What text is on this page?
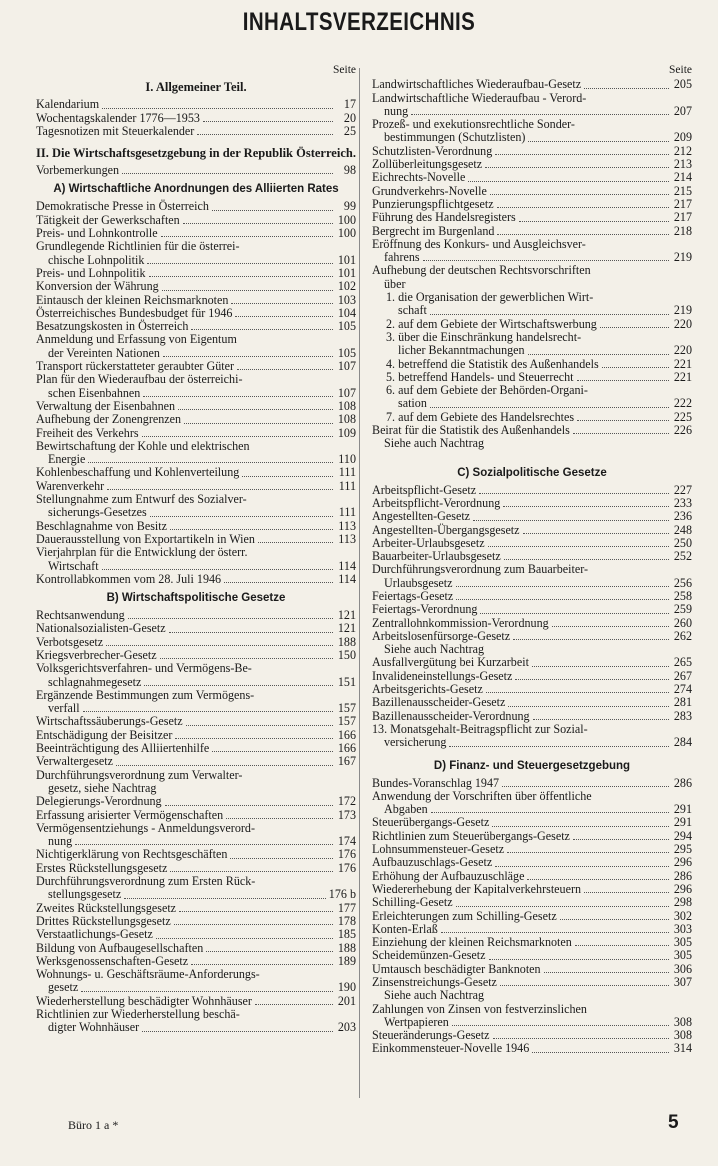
INHALTSVERZEICHNIS
Seite
I. Allgemeiner Teil.
Kalendarium	17
Wochentagskalender 1776—1953	20
Tagesnotizen mit Steuerkalender	25
II. Die Wirtschaftsgesetzgebung in der Republik Österreich.
Vorbemerkungen	98
A) Wirtschaftliche Anordnungen des Alliierten Rates
Demokratische Presse in Österreich	99
Tätigkeit der Gewerkschaften	100
Preis- und Lohnkontrolle	100
Grundlegende Richtlinien für die österrei-
chische Lohnpolitik	101
Preis- und Lohnpolitik	101
Konversion der Währung	102
Eintausch der kleinen Reichsmarknoten	103
Österreichisches Bundesbudget für 1946	104
Besatzungskosten in Österreich	105
Anmeldung und Erfassung von Eigentum
der Vereinten Nationen	105
Transport rückerstatteter geraubter Güter	107
Plan für den Wiederaufbau der österreichi-
schen Eisenbahnen	107
Verwaltung der Eisenbahnen	108
Aufhebung der Zonengrenzen	108
Freiheit des Verkehrs	109
Bewirtschaftung der Kohle und elektrischen
Energie	110
Kohlenbeschaffung und Kohlenverteilung	111
Warenverkehr	111
Stellungnahme zum Entwurf des Sozialver-
sicherungs-Gesetzes	111
Beschlagnahme von Besitz	113
Dauerausstellung von Exportartikeln in Wien	113
Vierjahrplan für die Entwicklung der österr.
Wirtschaft	114
Kontrollabkommen vom 28. Juli 1946	114
B) Wirtschaftspolitische Gesetze
Rechtsanwendung	121
Nationalsozialisten-Gesetz	121
Verbotsgesetz	188
Kriegsverbrecher-Gesetz	150
Volksgerichtsverfahren- und Vermögens-Be-
schlagnahmegesetz	151
Ergänzende Bestimmungen zum Vermögens-
verfall	157
Wirtschaftssäuberungs-Gesetz	157
Entschädigung der Beisitzer	166
Beeinträchtigung des Alliiertenhilfe	166
Verwaltergesetz	167
Durchführungsverordnung zum Verwalter-
gesetz, siehe Nachtrag
Delegierungs-Verordnung	172
Erfassung arisierter Vermögenschaften	173
Vermögensentziehungs - Anmeldungsverord-
nung	174
Nichtigerklärung von Rechtsgeschäften	176
Erstes Rückstellungsgesetz	176
Durchführungsverordnung zum Ersten Rück-
stellungsgesetz	176 b
Zweites Rückstellungsgesetz	177
Drittes Rückstellungsgesetz	178
Verstaatlichungs-Gesetz	185
Bildung von Aufbaugesellschaften	188
Werksgenossenschaften-Gesetz	189
Wohnungs- u. Geschäftsräume-Anforderungs-
gesetz	190
Wiederherstellung beschädigter Wohnhäuser	201
Richtlinien zur Wiederherstellung beschä-
digter Wohnhäuser	203
Seite
Landwirtschaftliches Wiederaufbau-Gesetz	205
Landwirtschaftliche Wiederaufbau - Verord-
nung	207
Prozeß- und exekutionsrechtliche Sonder-
bestimmungen (Schutzlisten)	209
Schutzlisten-Verordnung	212
Zollüberleitungsgesetz	213
Eichrechts-Novelle	214
Grundverkehrs-Novelle	215
Punzierungspflichtgesetz	217
Führung des Handelsregisters	217
Bergrecht im Burgenland	218
Eröffnung des Konkurs- und Ausgleichsver-
fahrens	219
Aufhebung der deutschen Rechtsvorschriften
über
1. die Organisation der gewerblichen Wirt-
schaft	219
2. auf dem Gebiete der Wirtschaftswerbung	220
3. über die Einschränkung handelsrecht-
licher Bekanntmachungen	220
4. betreffend die Statistik des Außenhandels	221
5. betreffend Handels- und Steuerrecht	221
6. auf dem Gebiete der Behörden-Organi-
sation	222
7. auf dem Gebiete des Handelsrechtes	225
Beirat für die Statistik des Außenhandels	226
Siehe auch Nachtrag
C) Sozialpolitische Gesetze
Arbeitspflicht-Gesetz	227
Arbeitspflicht-Verordnung	233
Angestellten-Gesetz	236
Angestellten-Übergangsgesetz	248
Arbeiter-Urlaubsgesetz	250
Bauarbeiter-Urlaubsgesetz	252
Durchführungsverordnung zum Bauarbeiter-
Urlaubsgesetz	256
Feiertags-Gesetz	258
Feiertags-Verordnung	259
Zentrallohnkommission-Verordnung	260
Arbeitslosenfürsorge-Gesetz	262
Siehe auch Nachtrag
Ausfallvergütung bei Kurzarbeit	265
Invalideneinstellungs-Gesetz	267
Arbeitsgerichts-Gesetz	274
Bazillenausscheider-Gesetz	281
Bazillenausscheider-Verordnung	283
13. Monatsgehalt-Beitragspflicht zur Sozial-
versicherung	284
D) Finanz- und Steuergesetzgebung
Bundes-Voranschlag 1947	286
Anwendung der Vorschriften über öffentliche
Abgaben	291
Steuerübergangs-Gesetz	291
Richtlinien zum Steuerübergangs-Gesetz	294
Lohnsummensteuer-Gesetz	295
Aufbauzuschlags-Gesetz	296
Erhöhung der Aufbauzuschläge	286
Wiedererhebung der Kapitalverkehrsteuern	296
Schilling-Gesetz	298
Erleichterungen zum Schilling-Gesetz	302
Konten-Erlaß	303
Einziehung der kleinen Reichsmarknoten	305
Scheidemünzen-Gesetz	305
Umtausch beschädigter Banknoten	306
Zinsenstreichungs-Gesetz	307
Siehe auch Nachtrag
Zahlungen von Zinsen von festverzinslichen
Wertpapieren	308
Steueränderungs-Gesetz	308
Einkommensteuer-Novelle 1946	314
Büro 1 a *	5
